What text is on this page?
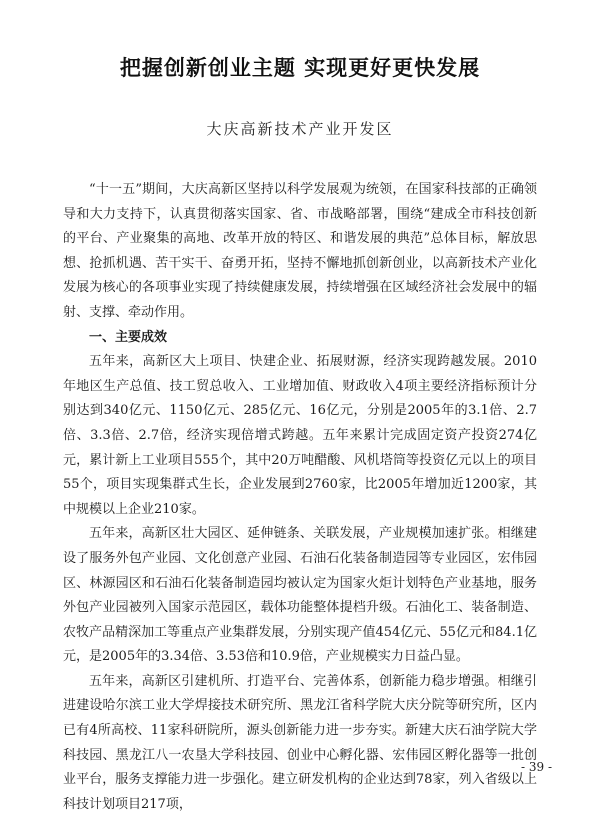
把握创新创业主题 实现更好更快发展
大庆高新技术产业开发区

“十一五”期间，大庆高新区坚持以科学发展观为统领，在国家科技部的正确领导和大力支持下，认真贯彻落实国家、省、市战略部署，围绕“建成全市科技创新的平台、产业聚集的高地、改革开放的特区、和谐发展的典范”总体目标，解放思想、抢抓机遇、苦干实干、奋勇开拓，坚持不懈地抓创新创业，以高新技术产业化发展为核心的各项事业实现了持续健康发展，持续增强在区域经济社会发展中的辐射、支撑、牵动作用。

一、主要成效

五年来，高新区大上项目、快建企业、拓展财源，经济实现跨越发展。2010年地区生产总值、技工贸总收入、工业增加值、财政收入4项主要经济指标预计分别达到340亿元、1150亿元、285亿元、16亿元，分别是2005年的3.1倍、2.7倍、3.3倍、2.7倍，经济实现倍增式跨越。五年来累计完成固定资产投资274亿元，累计新上工业项目555个，其中20万吨醋酸、风机塔筒等投资亿元以上的项目55个，项目实现集群式生长，企业发展到2760家，比2005年增加近1200家，其中规模以上企业210家。

五年来，高新区壮大园区、延伸链条、关联发展，产业规模加速扩张。相继建设了服务外包产业园、文化创意产业园、石油石化装备制造园等专业园区，宏伟园区、林源园区和石油石化装备制造园均被认定为国家火炬计划特色产业基地，服务外包产业园被列入国家示范园区，载体功能整体提档升级。石油化工、装备制造、农牧产品精深加工等重点产业集群发展，分别实现产值454亿元、55亿元和84.1亿元，是2005年的3.34倍、3.53倍和10.9倍，产业规模实力日益凸显。

五年来，高新区引建机所、打造平台、完善体系，创新能力稳步增强。相继引进建设哈尔滨工业大学焊接技术研究所、黑龙江省科学院大庆分院等研究所，区内已有4所高校、11家科研院所，源头创新能力进一步夯实。新建大庆石油学院大学科技园、黑龙江八一农垦大学科技园、创业中心孵化器、宏伟园区孵化器等一批创业平台，服务支撑能力进一步强化。建立研发机构的企业达到78家，列入省级以上科技计划项目217项，

- 39 -
